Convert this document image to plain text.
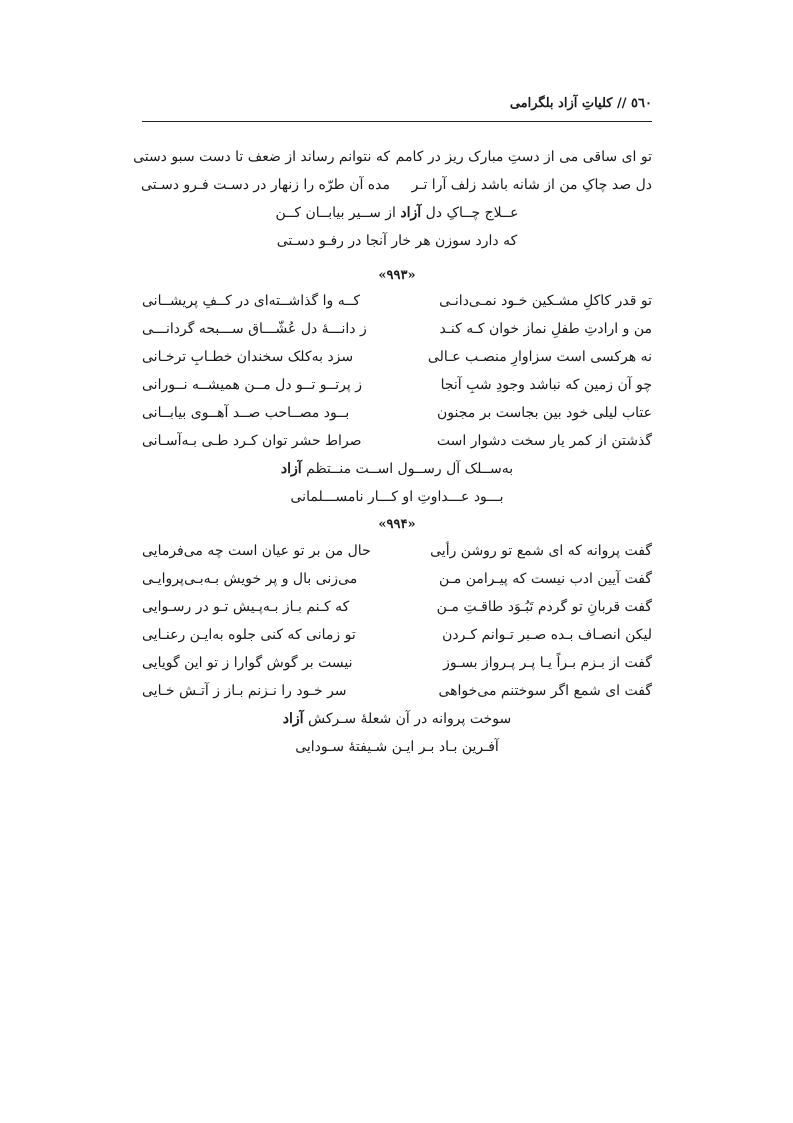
٥٦٠ // کلیاتِ آزاد بلگرامی
تو ای ساقی می از دستِ مبارک ریز در کامم
که نتوانم رساند از ضعف تا دست سبو دستی
دل صد چاکِ من از شانه باشد زلف آرا تـر
مده آن طرّه را زنهار در دسـت فـرو دسـتی
عــلاج چــاکِ دل آزاد از ســیر بیابــان کــن
که دارد سوزن هر خار آنجا در رفـو دسـتی
«۹۹۳»
تو قدر کاکلِ مشـکین خـود نمـی‌دانـی
کــه وا گذاشــته‌ای در کــفِ پریشــانی
من و ارادتِ طفلِ نماز خوان کـه کنـد
ز دانـــهٔ دل عُشّـــاق ســـبحه گردانـــی
نه هرکسی است سزاوارِ منصـب عـالی
سزد به‌کلک سخندان خطـابِ ترخـانی
چو آن زمین که نباشد وجودِ شبِ آنجا
ز پرتــو تــو دل مــن همیشــه نــورانی
عتاب لیلی خود بین بجاست بر مجنون
بــود مصــاحب صــد آهــوی بیابــانی
گذشتن از کمر یار سخت دشوار است
صراط حشر توان کـرد طـی بـه‌آسـانی
به‌ســلک آل رســول اســت منــتظم آزاد
بـــود عـــداوتِ او کـــار نامســـلمانی
«۹۹۴»
گفت پروانه که ای شمع تو روشن رأیی
حال من بر تو عیان است چه می‌فرمایی
گفت آیین ادب نیست که پیـرامن مـن
می‌زنی بال و پر خویش بـه‌بـی‌پروایـی
گفت قربانِ تو گردم تَبُـوَد طاقـتِ مـن
که کـنم بـاز بـه‌پـیش تـو در رسـوایی
لیکن انصـاف بـده صـبر تـوانم کـردن
تو زمانی که کنی جلوه به‌ایـن رعنـایی
گفت از بـزم بـراً یـا پـر پـرواز بسـوز
نیست بر گوش گوارا ز تو این گویایی
گفت ای شمع اگر سوختنم می‌خواهی
سر خـود را نـزنم بـاز ز آتـش خـایی
سوخت پروانه در آن شعلهٔ سـرکش آزاد
آفـرین بـاد بـر ایـن شـیفتهٔ سـودایی
